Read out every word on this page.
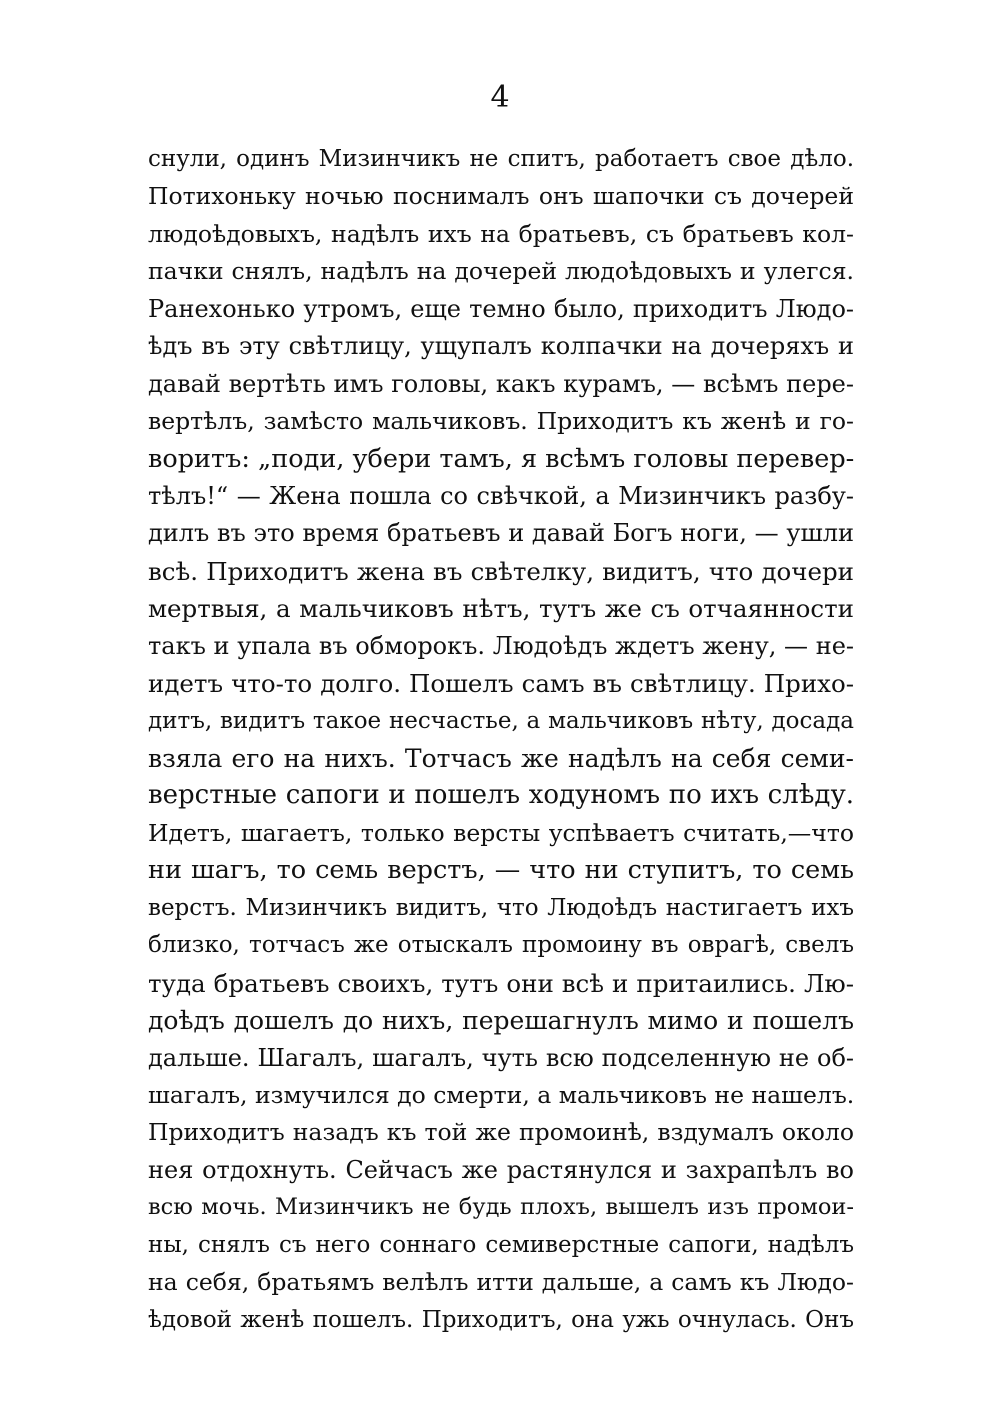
4
снули, одинъ Мизинчикъ не спитъ, работаетъ свое дѣло.
Потихоньку ночью поснималъ онъ шапочки съ дочерей
людоѣдовыхъ, надѣлъ ихъ на братьевъ, съ братьевъ кол-
пачки снялъ, надѣлъ на дочерей людоѣдовыхъ и улегся.
Ранехонько утромъ, еще темно было, приходитъ Людо-
ѣдъ въ эту свѣтлицу, ущупалъ колпачки на дочеряхъ и
давай вертѣть имъ головы, какъ курамъ, — всѣмъ пере-
вертѣлъ, замѣсто мальчиковъ. Приходитъ къ женѣ и го-
воритъ: „поди, убери тамъ, я всѣмъ головы перевер-
тѣлъ!“ — Жена пошла со свѣчкой, а Мизинчикъ разбу-
дилъ въ это время братьевъ и давай Богъ ноги, — ушли
всѣ. Приходитъ жена въ свѣтелку, видитъ, что дочери
мертвыя, а мальчиковъ нѣтъ, тутъ же съ отчаянности
такъ и упала въ обморокъ. Людоѣдъ ждетъ жену, — не-
идетъ что-то долго. Пошелъ самъ въ свѣтлицу. Прихо-
дитъ, видитъ такое несчастье, а мальчиковъ нѣту, досада
взяла его на нихъ. Тотчасъ же надѣлъ на себя семи-
верстные сапоги и пошелъ ходуномъ по ихъ слѣду.
Идетъ, шагаетъ, только версты успѣваетъ считать,—что
ни шагъ, то семь верстъ, — что ни ступитъ, то семь
верстъ. Мизинчикъ видитъ, что Людоѣдъ настигаетъ ихъ
близко, тотчасъ же отыскалъ промоину въ оврагѣ, свелъ
туда братьевъ своихъ, тутъ они всѣ и притаились. Лю-
доѣдъ дошелъ до нихъ, перешагнулъ мимо и пошелъ
дальше. Шагалъ, шагалъ, чуть всю подселенную не об-
шагалъ, измучился до смерти, а мальчиковъ не нашелъ.
Приходитъ назадъ къ той же промоинѣ, вздумалъ около
нея отдохнуть. Сейчасъ же растянулся и захрапѣлъ во
всю мочь. Мизинчикъ не будь плохъ, вышелъ изъ промои-
ны, снялъ съ него соннаго семиверстные сапоги, надѣлъ
на себя, братьямъ велѣлъ итти дальше, а самъ къ Людо-
ѣдовой женѣ пошелъ. Приходитъ, она ужь очнулась. Онъ
